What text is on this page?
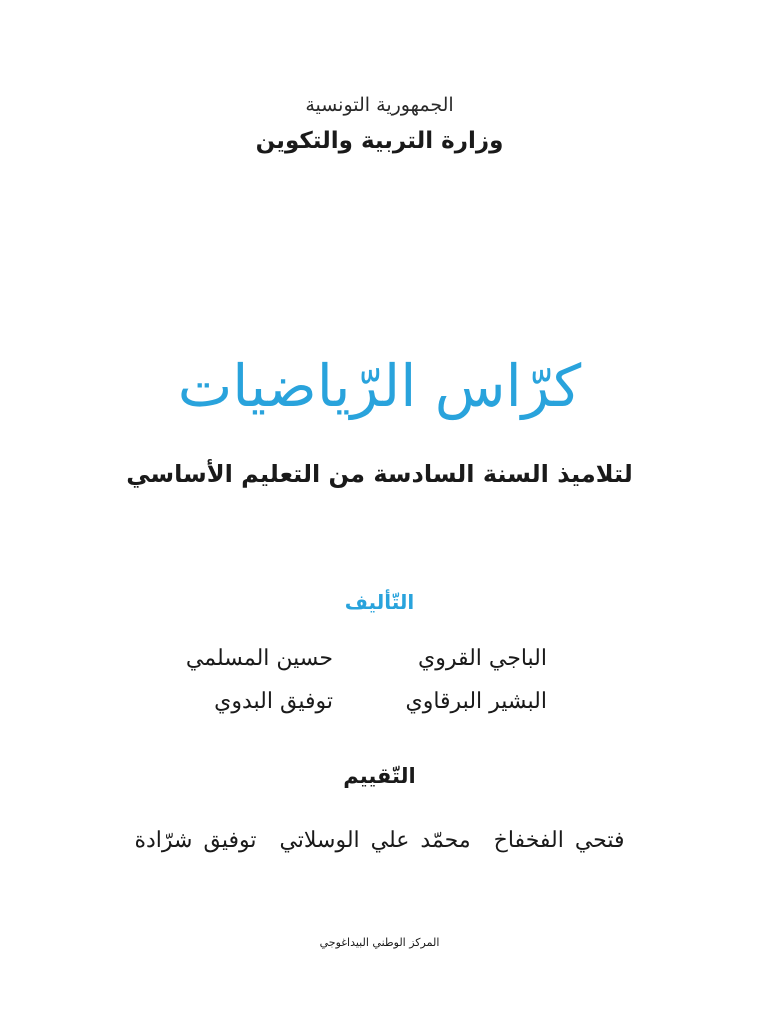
الجمهورية التونسية
وزارة التربية والتكوين
كرّاس الرّياضيات
لتلاميذ السنة السادسة من التعليم الأساسي
التّأليف
الباجي القروي
حسين المسلمي
البشير البرقاوي
توفيق البدوي
التّقييم
فتحي الفخفاخ محمّد علي الوسلاتي توفيق شرّادة
المركز الوطني البيداغوجي
